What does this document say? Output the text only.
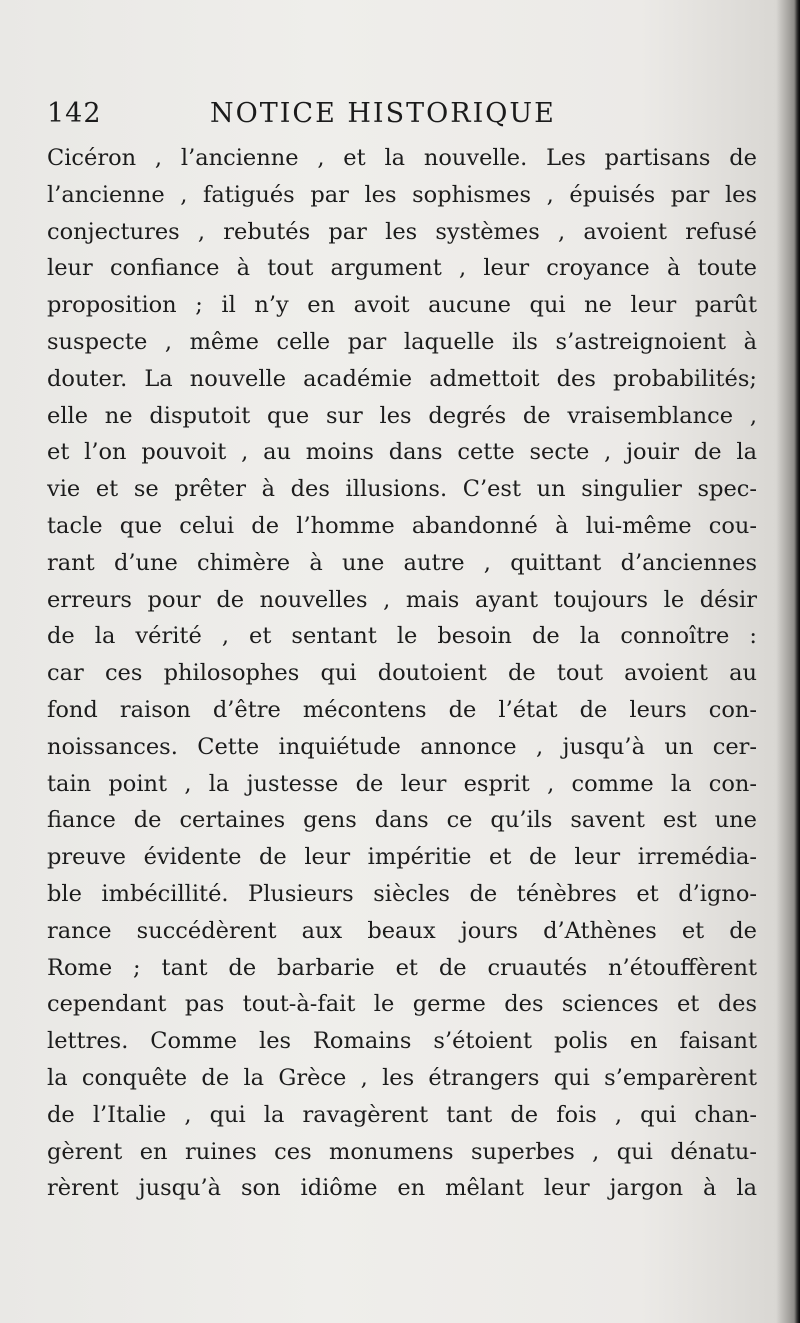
142	NOTICE HISTORIQUE
Cicéron , l’ancienne , et la nouvelle. Les partisans de
l’ancienne , fatigués par les sophismes , épuisés par les
conjectures , rebutés par les systèmes , avoient refusé
leur confiance à tout argument , leur croyance à toute
proposition ; il n’y en avoit aucune qui ne leur parût
suspecte , même celle par laquelle ils s’astreignoient à
douter. La nouvelle académie admettoit des probabilités;
elle ne disputoit que sur les degrés de vraisemblance ,
et l’on pouvoit , au moins dans cette secte , jouir de la
vie et se prêter à des illusions. C’est un singulier spec-
tacle que celui de l’homme abandonné à lui-même cou-
rant d’une chimère à une autre , quittant d’anciennes
erreurs pour de nouvelles , mais ayant toujours le désir
de la vérité , et sentant le besoin de la connoître :
car ces philosophes qui doutoient de tout avoient au
fond raison d’être mécontens de l’état de leurs con-
noissances. Cette inquiétude annonce , jusqu’à un cer-
tain point , la justesse de leur esprit , comme la con-
fiance de certaines gens dans ce qu’ils savent est une
preuve évidente de leur impéritie et de leur irremédia-
ble imbécillité. Plusieurs siècles de ténèbres et d’igno-
rance succédèrent aux beaux jours d’Athènes et de
Rome ; tant de barbarie et de cruautés n’étouffèrent
cependant pas tout-à-fait le germe des sciences et des
lettres. Comme les Romains s’étoient polis en faisant
la conquête de la Grèce , les étrangers qui s’emparèrent
de l’Italie , qui la ravagèrent tant de fois , qui chan-
gèrent en ruines ces monumens superbes , qui dénatu-
rèrent jusqu’à son idiôme en mêlant leur jargon à la
